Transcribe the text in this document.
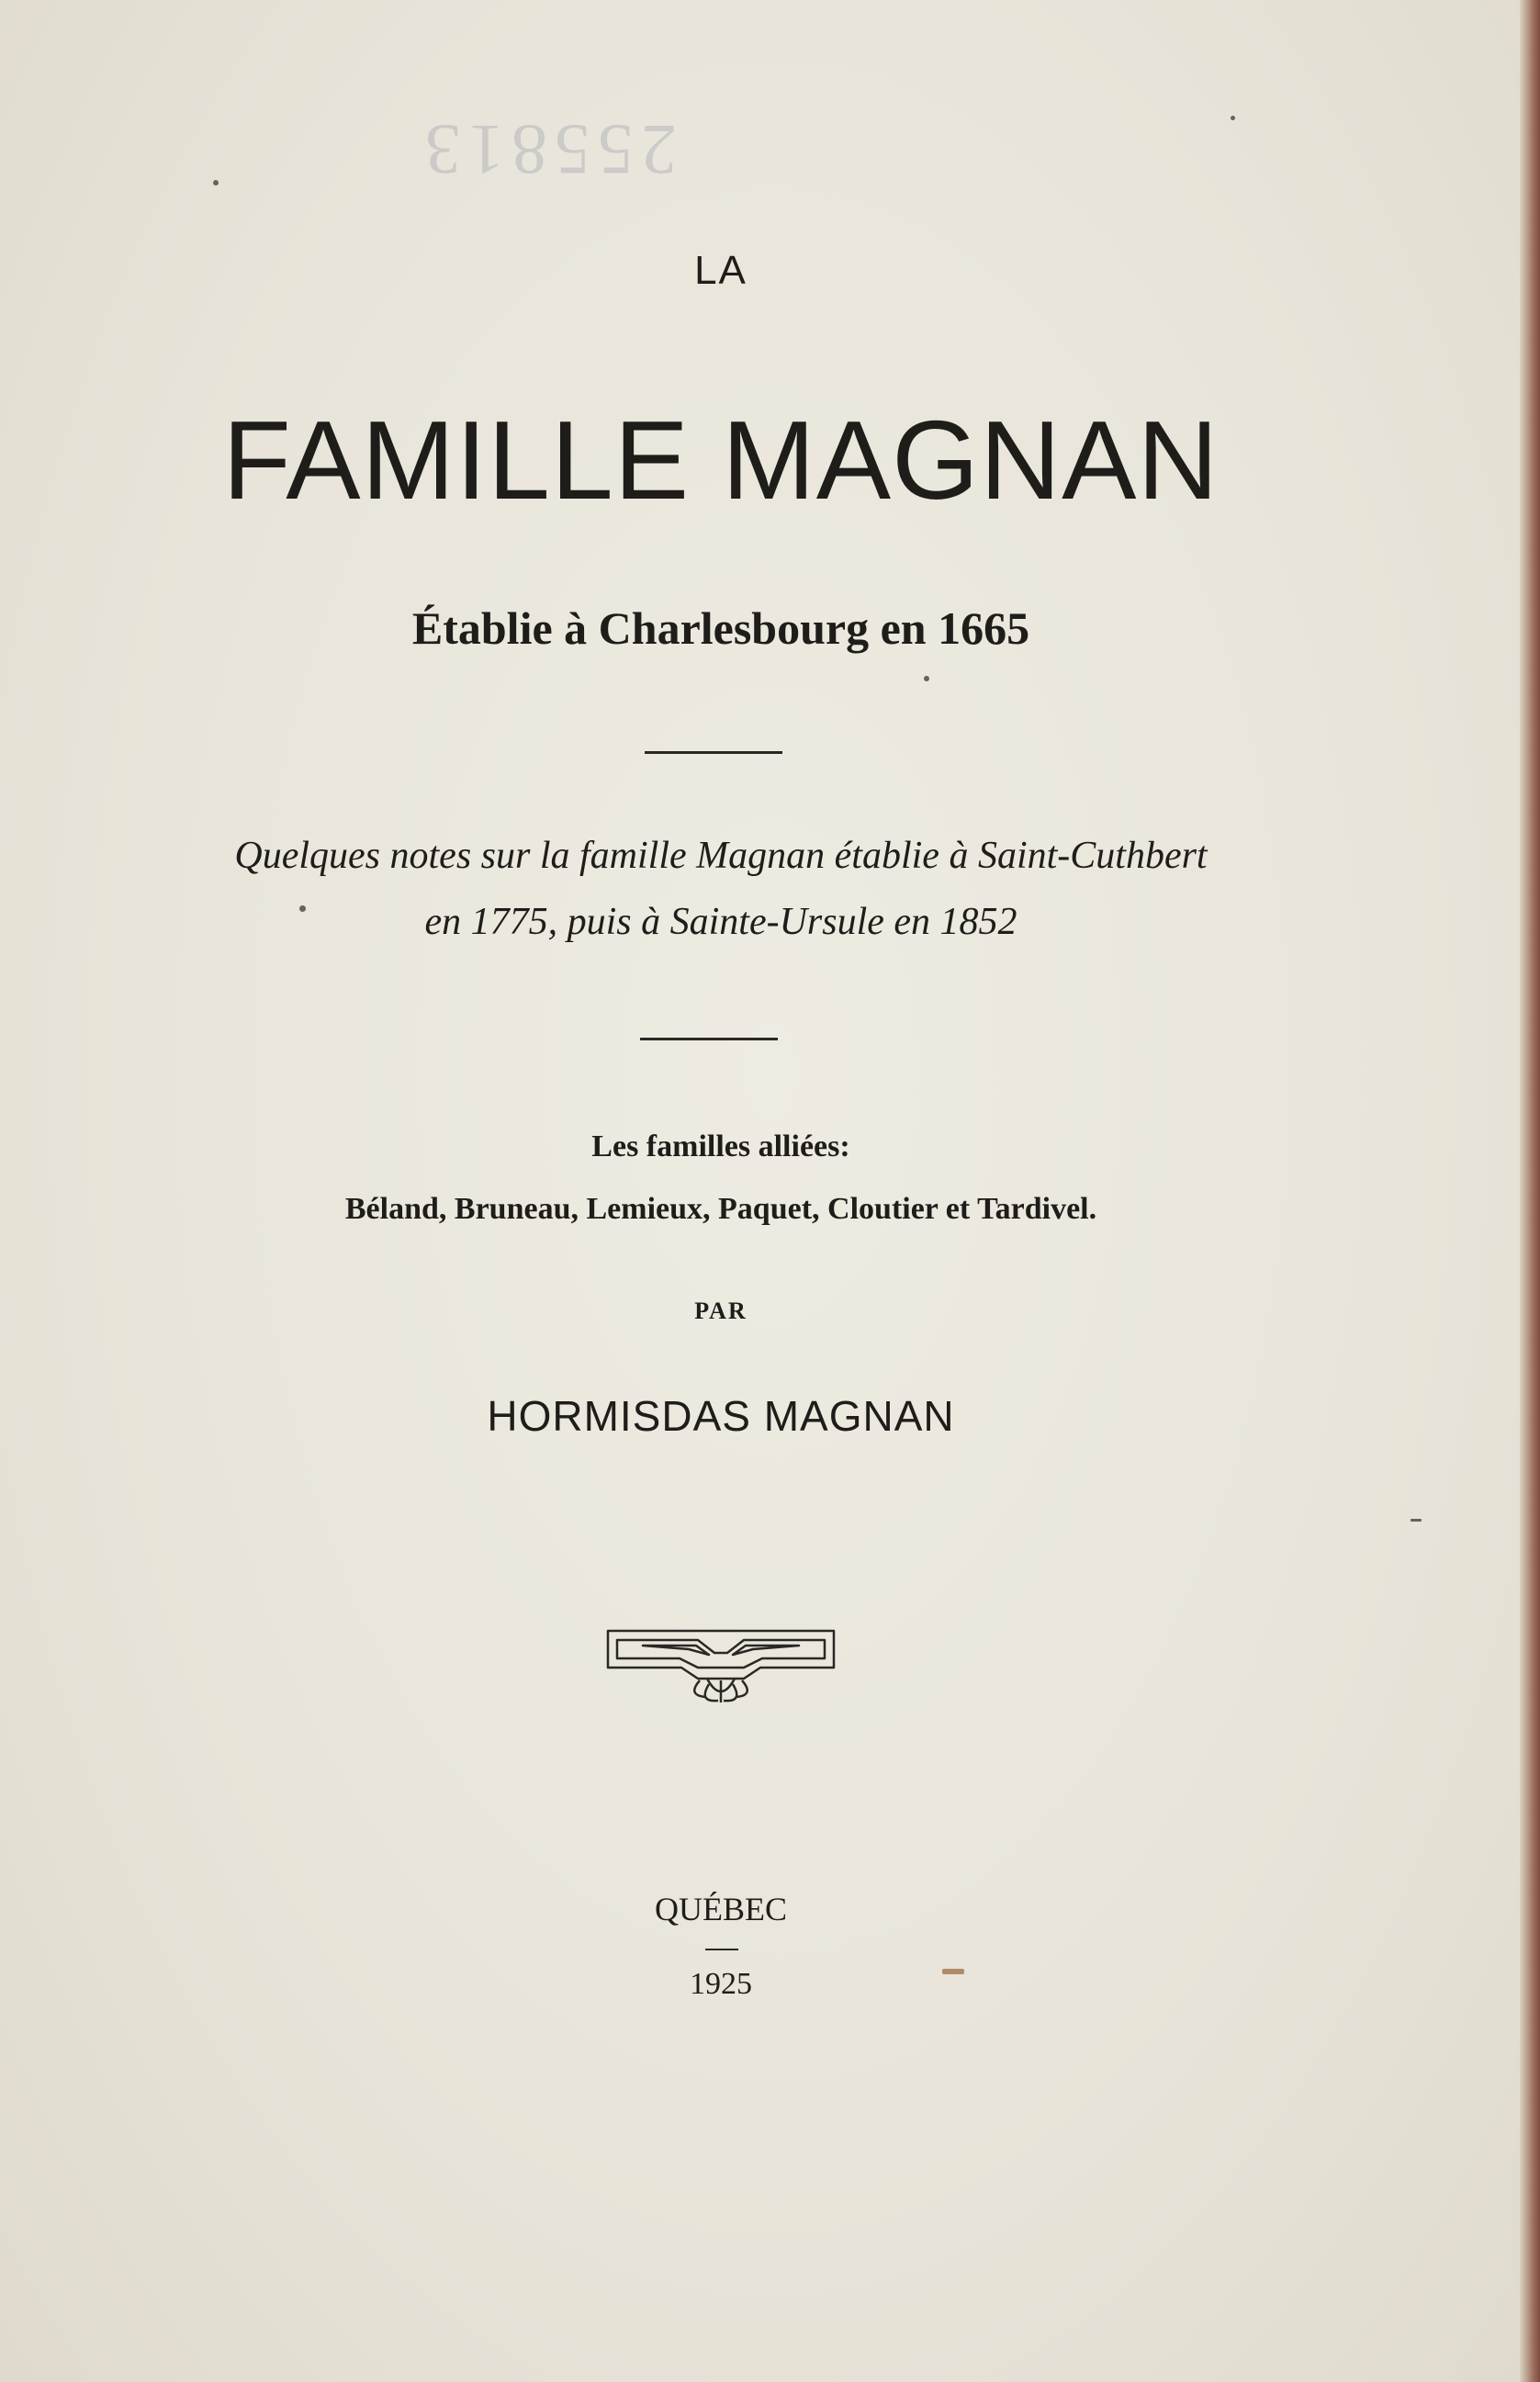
255813
LA
FAMILLE MAGNAN
Établie à Charlesbourg en 1665
Quelques notes sur la famille Magnan établie à Saint-Cuthbert
en 1775, puis à Sainte-Ursule en 1852
Les familles alliées:
Béland, Bruneau, Lemieux, Paquet, Cloutier et Tardivel.
PAR
HORMISDAS MAGNAN
QUÉBEC
1925
